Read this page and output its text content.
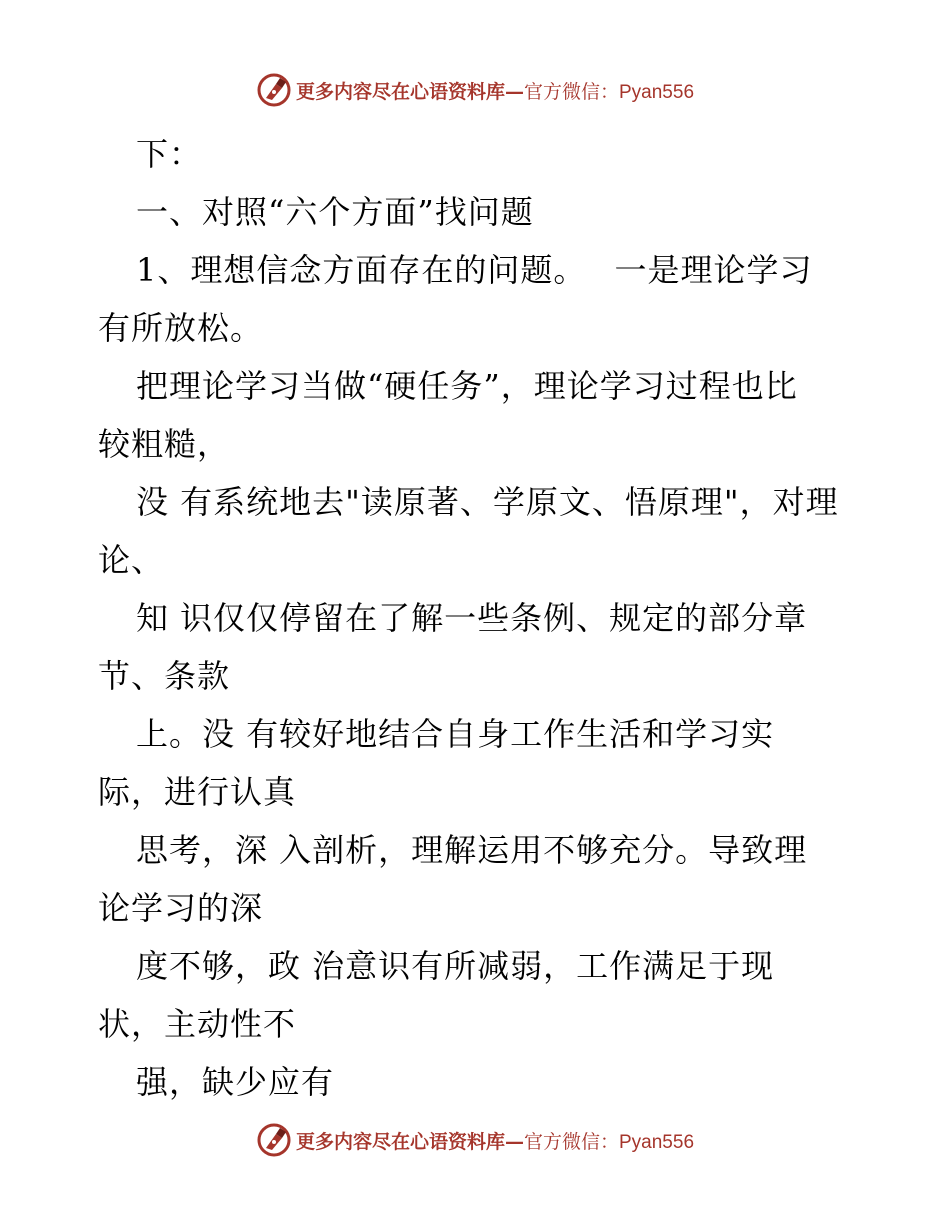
更多内容尽在心语资料库—官方微信：Pyan556
下：
一、对照“六个方面”找问题
1、理想信念方面存在的问题。　 一是理论学习
有所放松。
把理论学习当做“硬任务”，理论学习过程也比
较粗糙，
没 有系统地去"读原著、学原文、悟原理"，对理
论、
知 识仅仅停留在了解一些条例、规定的部分章
节、条款
上。没 有较好地结合自身工作生活和学习实
际，进行认真
思考，深 入剖析，理解运用不够充分。导致理
论学习的深
度不够，政 治意识有所减弱，工作满足于现
状，主动性不
强，缺少应有
更多内容尽在心语资料库—官方微信：Pyan556
